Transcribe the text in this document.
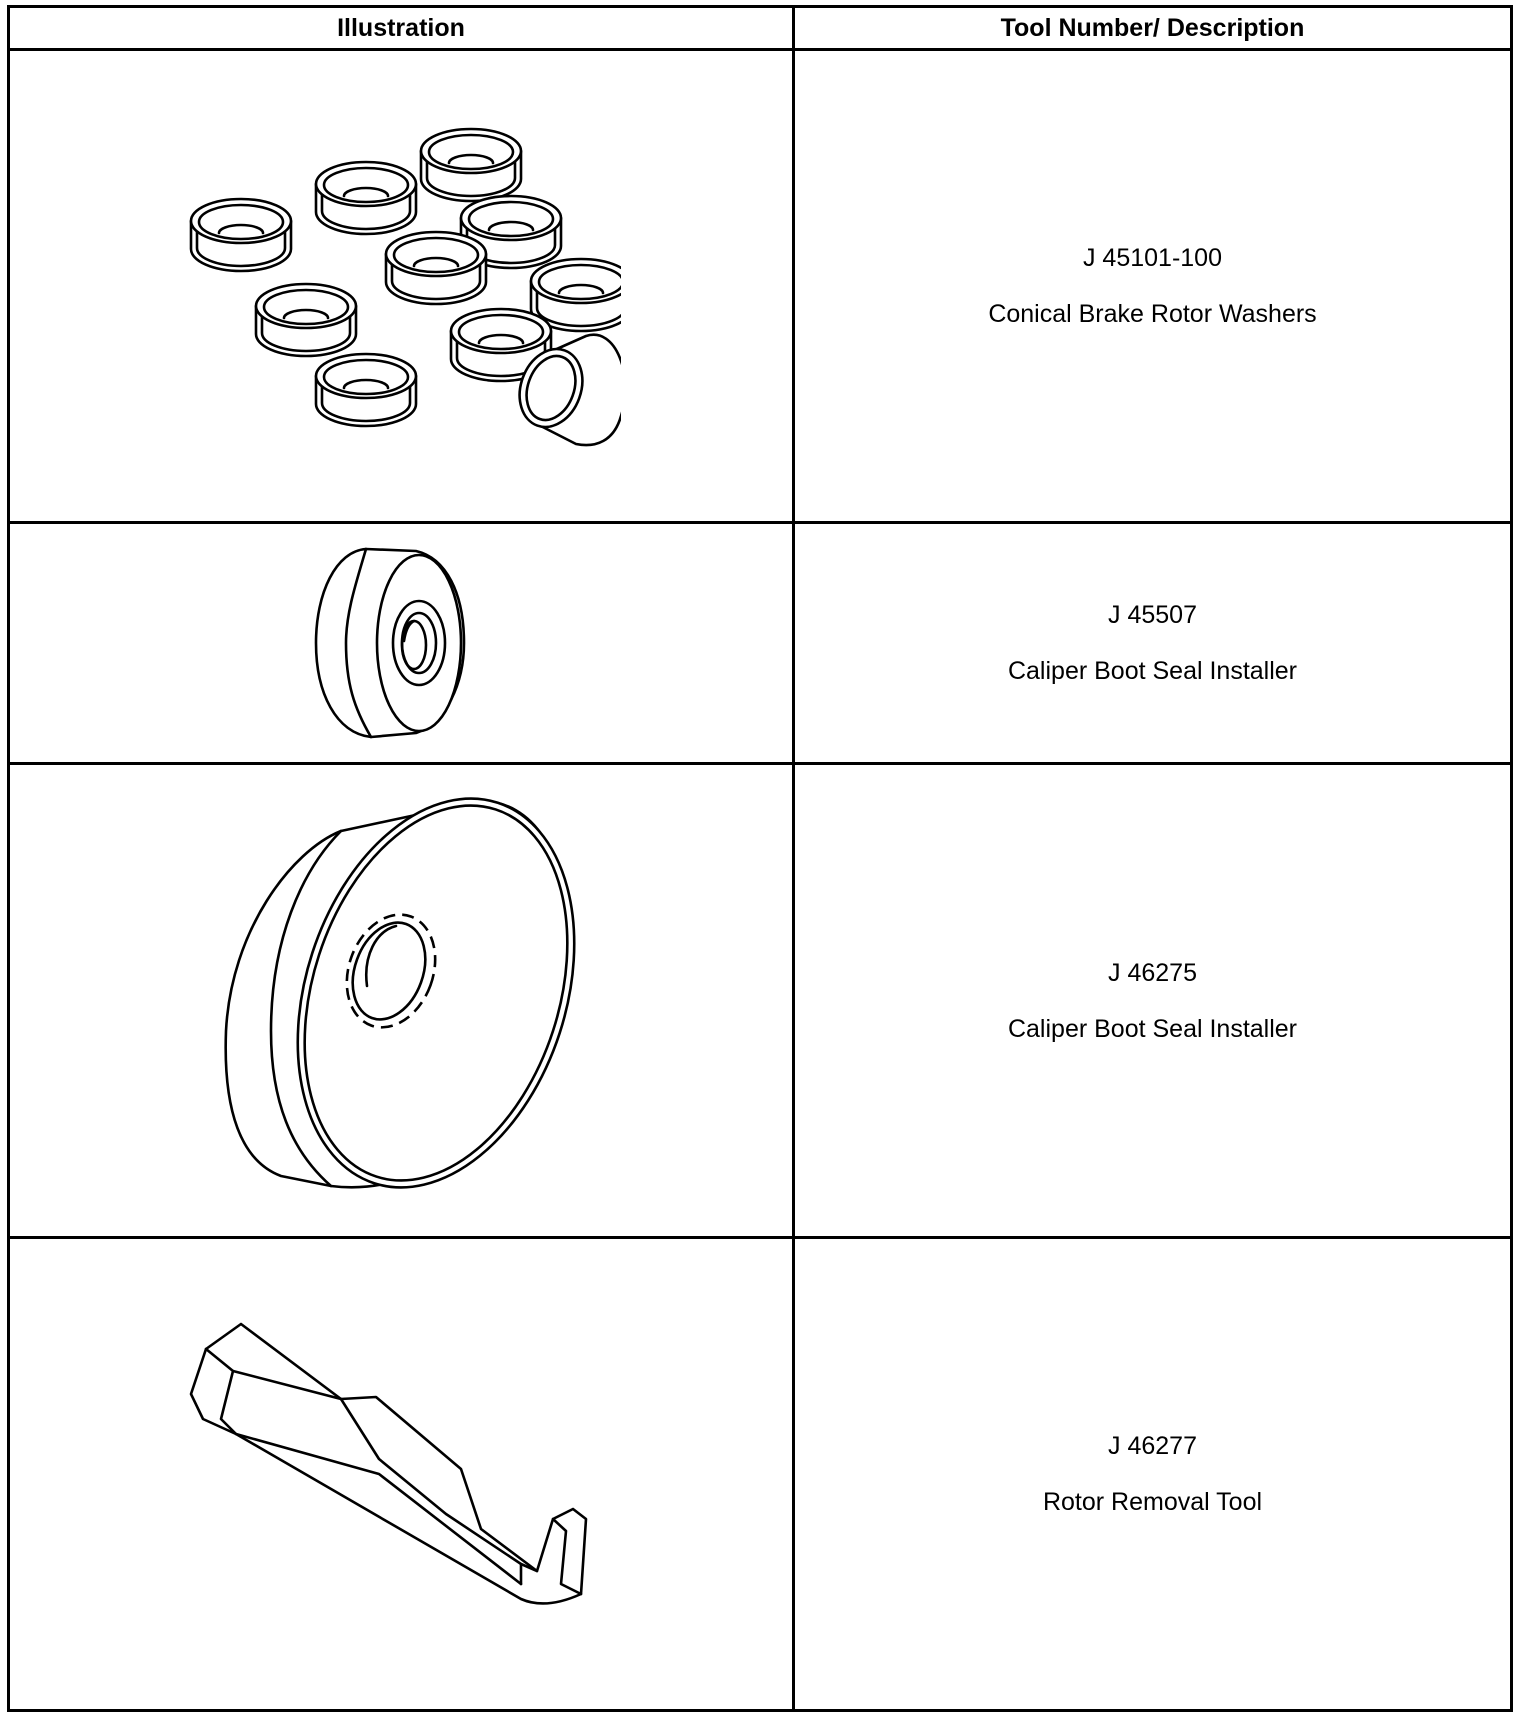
Illustration	Tool Number/ Description

J 45101-100
Conical Brake Rotor Washers

J 45507
Caliper Boot Seal Installer

J 46275
Caliper Boot Seal Installer

J 46277
Rotor Removal Tool
